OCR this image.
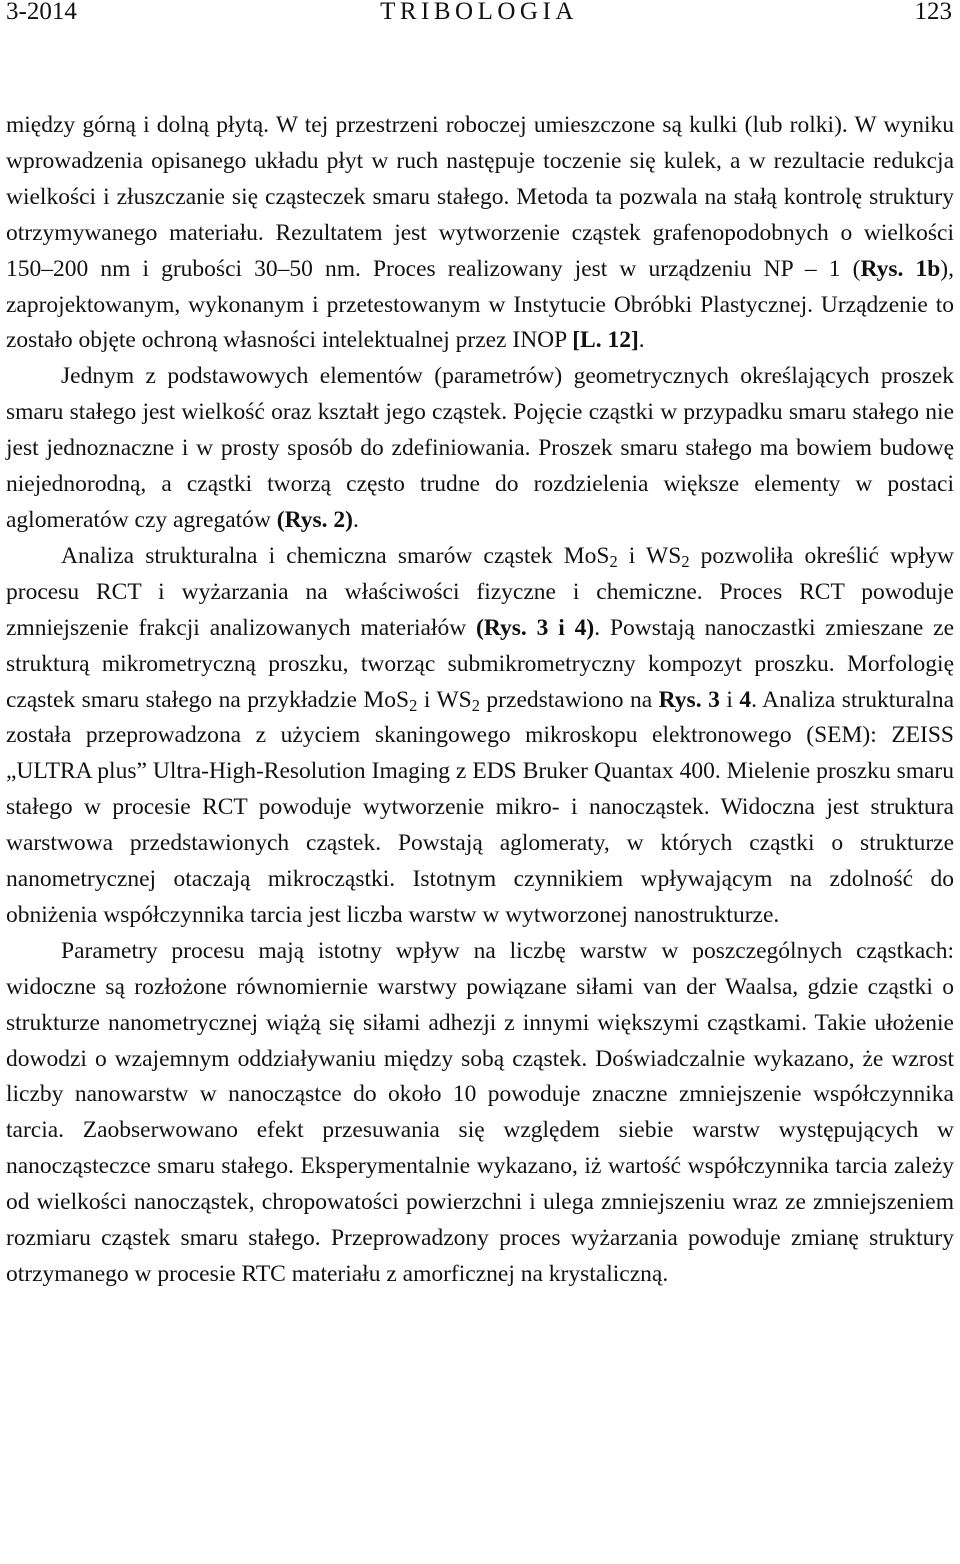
3-2014	TRIBOLOGIA	123

między górną i dolną płytą. W tej przestrzeni roboczej umieszczone są kulki (lub rolki). W wyniku wprowadzenia opisanego układu płyt w ruch następuje toczenie się kulek, a w rezultacie redukcja wielkości i złuszczanie się cząsteczek smaru stałego. Metoda ta pozwala na stałą kontrolę struktury otrzymywanego materiału. Rezultatem jest wytworzenie cząstek grafenopodobnych o wielkości 150–200 nm i grubości 30–50 nm. Proces realizowany jest w urządzeniu NP – 1 (Rys. 1b), zaprojektowanym, wykonanym i przetestowanym w Instytucie Obróbki Plastycznej. Urządzenie to zostało objęte ochroną własności intelektualnej przez INOP [L. 12].

Jednym z podstawowych elementów (parametrów) geometrycznych określających proszek smaru stałego jest wielkość oraz kształt jego cząstek. Pojęcie cząstki w przypadku smaru stałego nie jest jednoznaczne i w prosty sposób do zdefiniowania. Proszek smaru stałego ma bowiem budowę niejednorodną, a cząstki tworzą często trudne do rozdzielenia większe elementy w postaci aglomeratów czy agregatów (Rys. 2).

Analiza strukturalna i chemiczna smarów cząstek MoS$_2$ i $WS_2$ pozwoliła określić wpływ procesu RCT i wyżarzania na właściwości fizyczne i chemiczne. Proces RCT powoduje zmniejszenie frakcji analizowanych materiałów (Rys. 3 i 4). Powstają nanoczastki zmieszane ze strukturą mikrometryczną proszku, tworząc submikrometryczny kompozyt proszku. Morfologię cząstek smaru stałego na przykładzie MoS$_2$ i $WS_2$ przedstawiono na Rys. 3 i 4. Analiza strukturalna została przeprowadzona z użyciem skaningowego mikroskopu elektronowego (SEM): ZEISS „ULTRA plus” Ultra-High-Resolution Imaging z EDS Bruker Quantax 400. Mielenie proszku smaru stałego w procesie RCT powoduje wytworzenie mikro- i nanocząstek. Widoczna jest struktura warstwowa przedstawionych cząstek. Powstają aglomeraty, w których cząstki o strukturze nanometrycznej otaczają mikrocząstki. Istotnym czynnikiem wpływającym na zdolność do obniżenia współczynnika tarcia jest liczba warstw w wytworzonej nanostrukturze.

Parametry procesu mają istotny wpływ na liczbę warstw w poszczególnych cząstkach: widoczne są rozłożone równomiernie warstwy powiązane siłami van der Waalsa, gdzie cząstki o strukturze nanometrycznej wiążą się siłami adhezji z innymi większymi cząstkami. Takie ułożenie dowodzi o wzajemnym oddziaływaniu między sobą cząstek. Doświadczalnie wykazano, że wzrost liczby nanowarstw w nanocząstce do około 10 powoduje znaczne zmniejszenie współczynnika tarcia. Zaobserwowano efekt przesuwania się względem siebie warstw występujących w nanocząsteczce smaru stałego. Eksperymentalnie wykazano, iż wartość współczynnika tarcia zależy od wielkości nanocząstek, chropowatości powierzchni i ulega zmniejszeniu wraz ze zmniejszeniem rozmiaru cząstek smaru stałego. Przeprowadzony proces wyżarzania powoduje zmianę struktury otrzymanego w procesie RTC materiału z amorficznej na krystaliczną.
